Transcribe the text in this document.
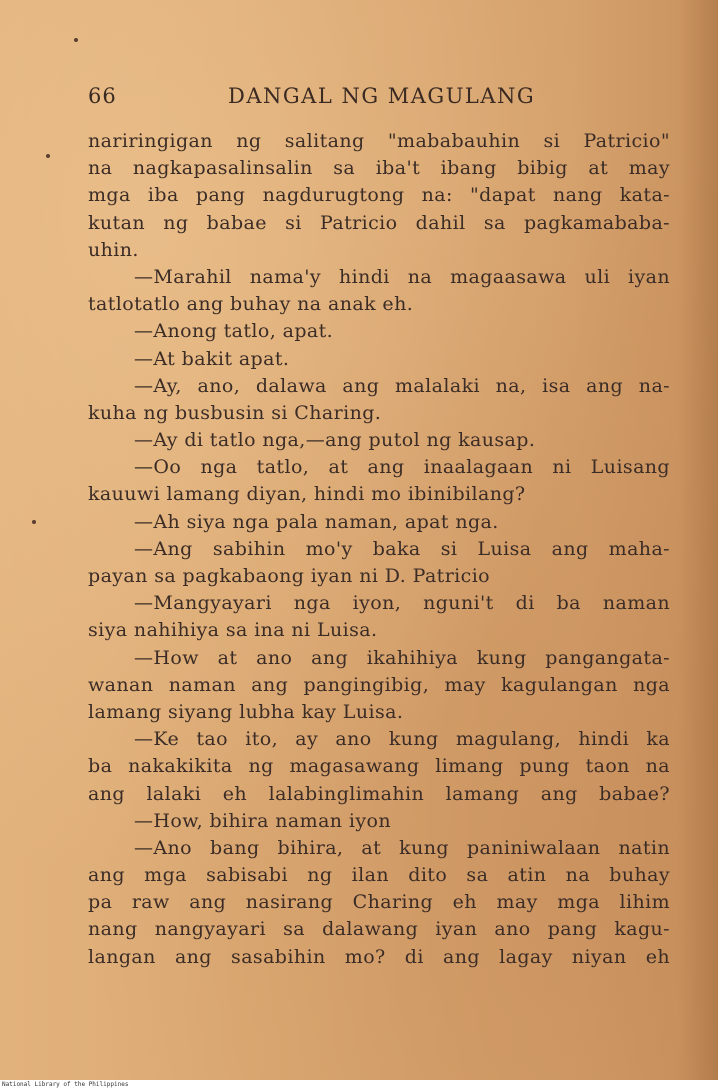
66	DANGAL NG MAGULANG
nariringigan ng salitang "mababauhin si Patricio"
na nagkapasalinsalin sa iba't ibang bibig at may
mga iba pang nagdurugtong na: "dapat nang kata-
kutan ng babae si Patricio dahil sa pagkamababa-
uhin.
—Marahil nama'y hindi na magaasawa uli iyan
tatlotatlo ang buhay na anak eh.
—Anong tatlo, apat.
—At bakit apat.
—Ay, ano, dalawa ang malalaki na, isa ang na-
kuha ng busbusin si Charing.
—Ay di tatlo nga,—ang putol ng kausap.
—Oo nga tatlo, at ang inaalagaan ni Luisang
kauuwi lamang diyan, hindi mo ibinibilang?
—Ah siya nga pala naman, apat nga.
—Ang sabihin mo'y baka si Luisa ang maha-
payan sa pagkabaong iyan ni D. Patricio
—Mangyayari nga iyon, nguni't di ba naman
siya nahihiya sa ina ni Luisa.
—How at ano ang ikahihiya kung pangangata-
wanan naman ang pangingibig, may kagulangan nga
lamang siyang lubha kay Luisa.
—Ke tao ito, ay ano kung magulang, hindi ka
ba nakakikita ng magasawang limang pung taon na
ang lalaki eh lalabinglimahin lamang ang babae?
—How, bihira naman iyon
—Ano bang bihira, at kung paniniwalaan natin
ang mga sabisabi ng ilan dito sa atin na buhay
pa raw ang nasirang Charing eh may mga lihim
nang nangyayari sa dalawang iyan ano pang kagu-
langan ang sasabihin mo? di ang lagay niyan eh
National Library of the Philippines
